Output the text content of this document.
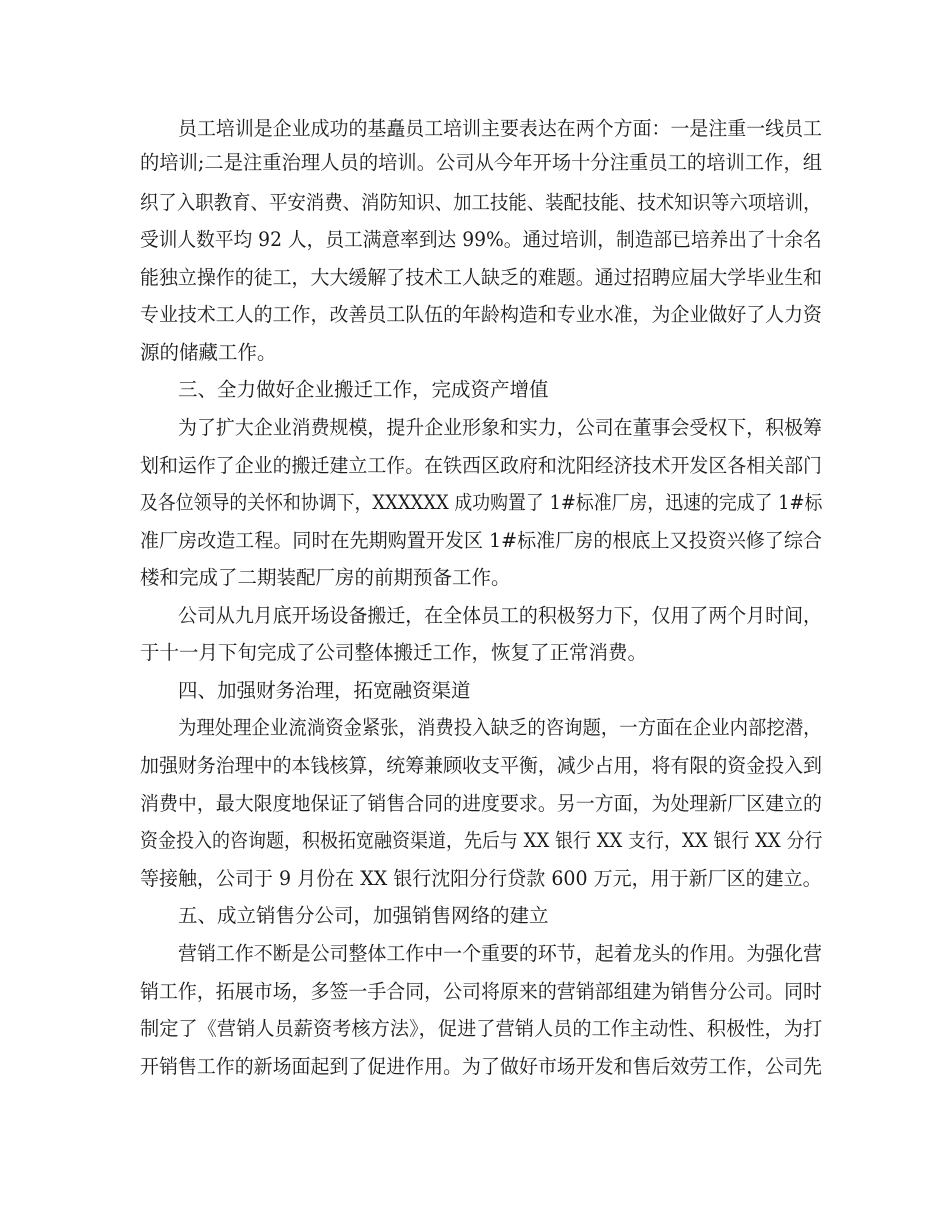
员工培训是企业成功的基矗员工培训主要表达在两个方面：一是注重一线员工
的培训;二是注重治理人员的培训。公司从今年开场十分注重员工的培训工作，组
织了入职教育、平安消费、消防知识、加工技能、装配技能、技术知识等六项培训，
受训人数平均 92 人，员工满意率到达 99%。通过培训，制造部已培养出了十余名
能独立操作的徒工，大大缓解了技术工人缺乏的难题。通过招聘应届大学毕业生和
专业技术工人的工作，改善员工队伍的年龄构造和专业水准，为企业做好了人力资
源的储藏工作。
三、全力做好企业搬迁工作，完成资产增值
为了扩大企业消费规模，提升企业形象和实力，公司在董事会受权下，积极筹
划和运作了企业的搬迁建立工作。在铁西区政府和沈阳经济技术开发区各相关部门
及各位领导的关怀和协调下，XXXXXX 成功购置了 1#标准厂房，迅速的完成了 1#标
准厂房改造工程。同时在先期购置开发区 1#标准厂房的根底上又投资兴修了综合
楼和完成了二期装配厂房的前期预备工作。
公司从九月底开场设备搬迁，在全体员工的积极努力下，仅用了两个月时间，
于十一月下旬完成了公司整体搬迁工作，恢复了正常消费。
四、加强财务治理，拓宽融资渠道
为理处理企业流淌资金紧张，消费投入缺乏的咨询题，一方面在企业内部挖潜，
加强财务治理中的本钱核算，统筹兼顾收支平衡，减少占用，将有限的资金投入到
消费中，最大限度地保证了销售合同的进度要求。另一方面，为处理新厂区建立的
资金投入的咨询题，积极拓宽融资渠道，先后与 XX 银行 XX 支行，XX 银行 XX 分行
等接触，公司于 9 月份在 XX 银行沈阳分行贷款 600 万元，用于新厂区的建立。
五、成立销售分公司，加强销售网络的建立
营销工作不断是公司整体工作中一个重要的环节，起着龙头的作用。为强化营
销工作，拓展市场，多签一手合同，公司将原来的营销部组建为销售分公司。同时
制定了《营销人员薪资考核方法》，促进了营销人员的工作主动性、积极性，为打
开销售工作的新场面起到了促进作用。为了做好市场开发和售后效劳工作，公司先
